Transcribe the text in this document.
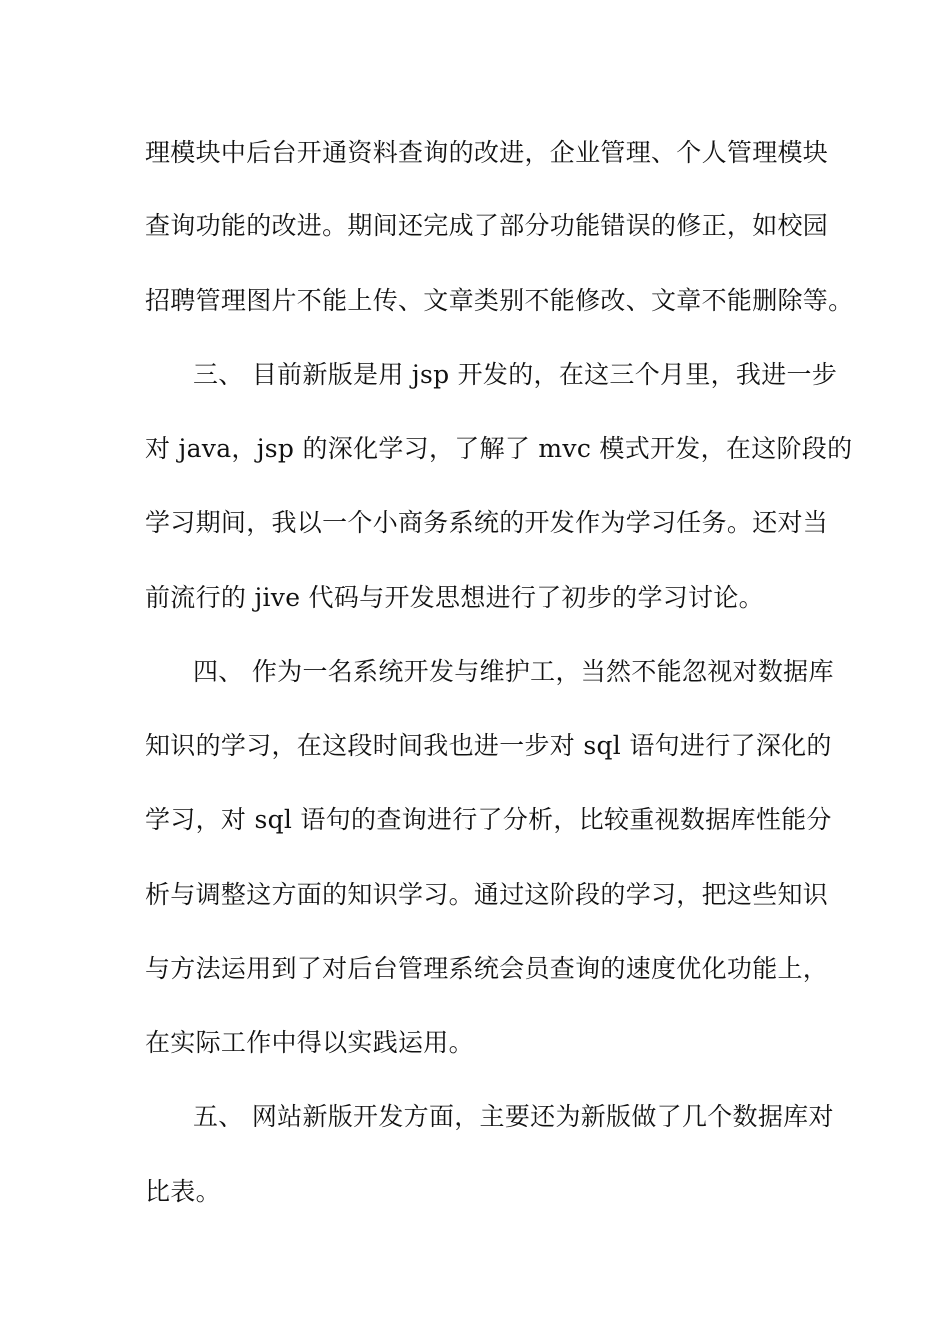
理模块中后台开通资料查询的改进，企业管理、个人管理模块
查询功能的改进。期间还完成了部分功能错误的修正，如校园
招聘管理图片不能上传、文章类别不能修改、文章不能删除等。
三、 目前新版是用 jsp 开发的，在这三个月里，我进一步
对 java，jsp 的深化学习，了解了 mvc 模式开发，在这阶段的
学习期间，我以一个小商务系统的开发作为学习任务。还对当
前流行的 jive 代码与开发思想进行了初步的学习讨论。
四、 作为一名系统开发与维护工，当然不能忽视对数据库
知识的学习，在这段时间我也进一步对 sql 语句进行了深化的
学习，对 sql 语句的查询进行了分析，比较重视数据库性能分
析与调整这方面的知识学习。通过这阶段的学习，把这些知识
与方法运用到了对后台管理系统会员查询的速度优化功能上，
在实际工作中得以实践运用。
五、 网站新版开发方面，主要还为新版做了几个数据库对
比表。
